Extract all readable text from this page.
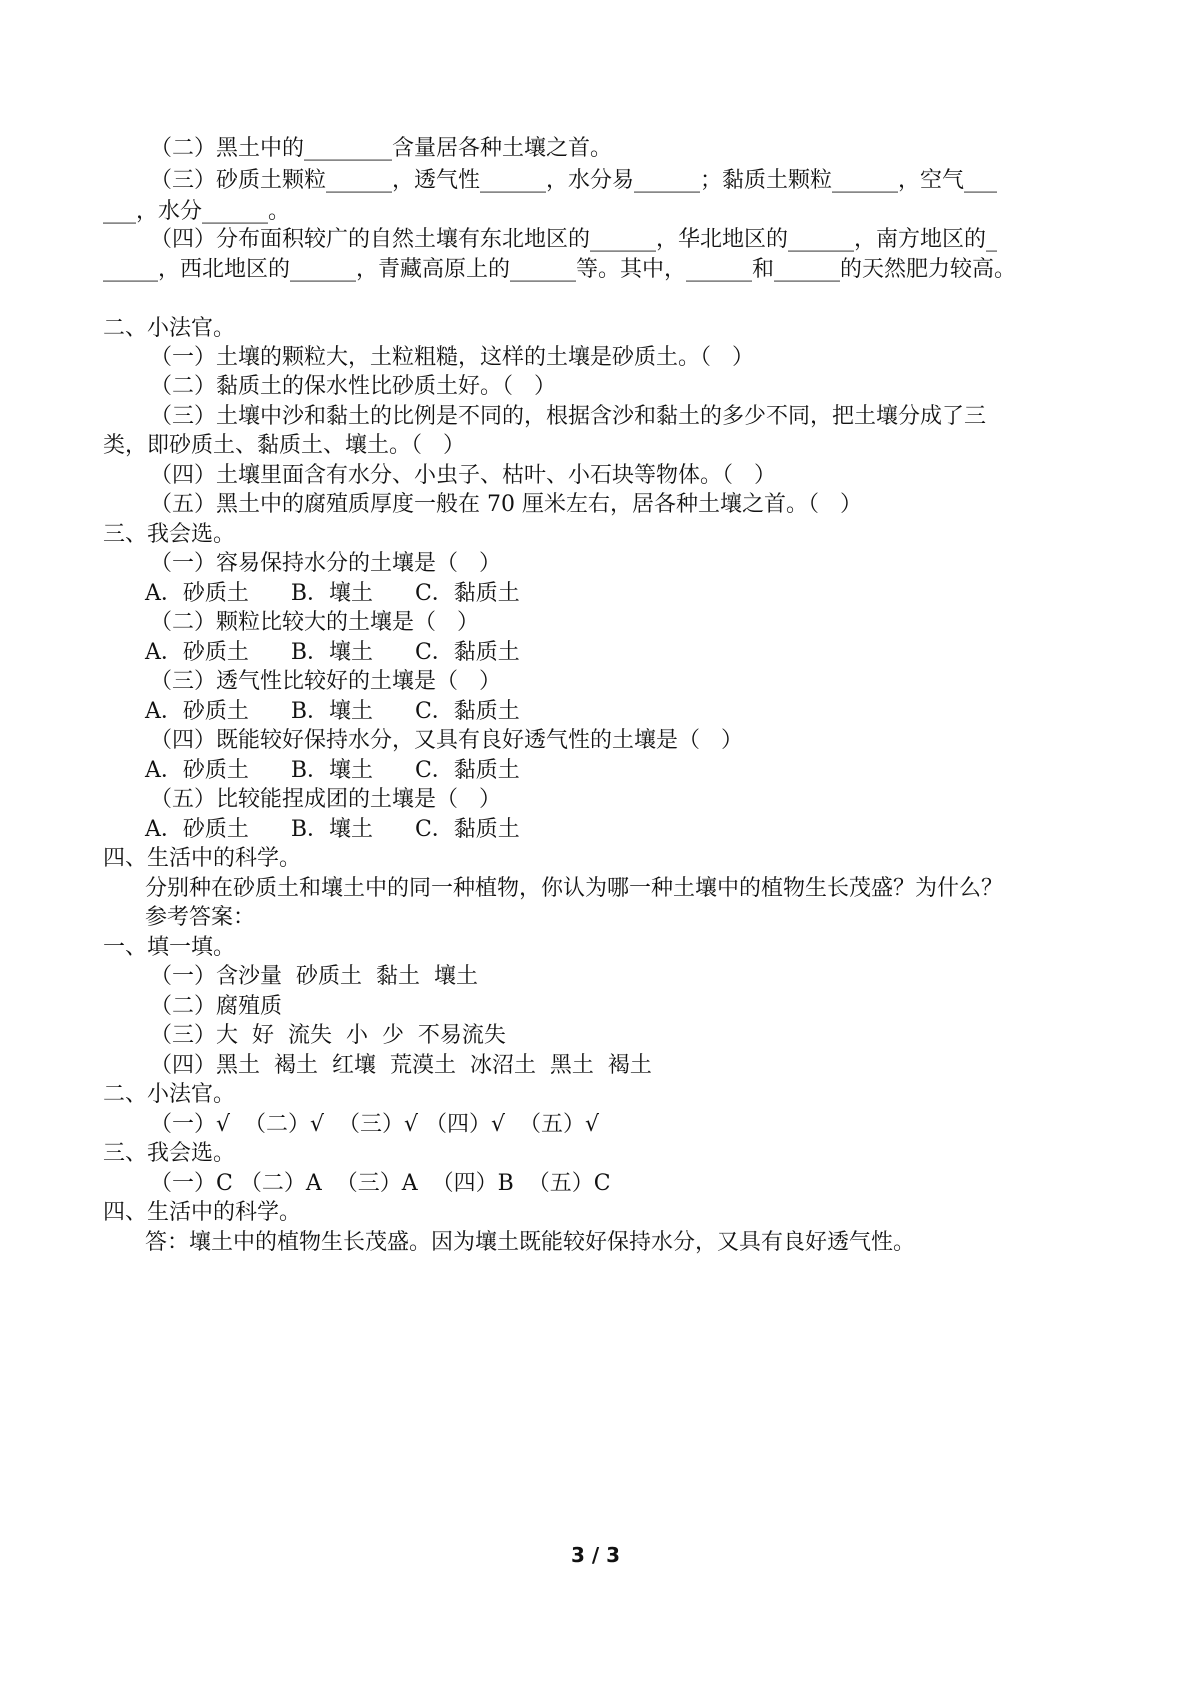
（二）黑土中的________含量居各种土壤之首。

（三）砂质土颗粒______，透气性______，水分易______；黏质土颗粒______，空气___

___，水分______。

（四）分布面积较广的自然土壤有东北地区的______，华北地区的______，南方地区的_

_____，西北地区的______，青藏高原上的______等。其中，______和______的天然肥力较高。

二、小法官。

（一）土壤的颗粒大，土粒粗糙，这样的土壤是砂质土。（   ）

（二）黏质土的保水性比砂质土好。（   ）

（三）土壤中沙和黏土的比例是不同的，根据含沙和黏土的多少不同，把土壤分成了三

类，即砂质土、黏质土、壤土。（   ）

（四）土壤里面含有水分、小虫子、枯叶、小石块等物体。（   ）

（五）黑土中的腐殖质厚度一般在 70 厘米左右，居各种土壤之首。（   ）

三、我会选。

（一）容易保持水分的土壤是（   ）

A．砂质土      B．壤土      C．黏质土

（二）颗粒比较大的土壤是（   ）

A．砂质土      B．壤土      C．黏质土

（三）透气性比较好的土壤是（   ）

A．砂质土      B．壤土      C．黏质土

（四）既能较好保持水分，又具有良好透气性的土壤是（   ）

A．砂质土      B．壤土      C．黏质土

（五）比较能捏成团的土壤是（   ）

A．砂质土      B．壤土      C．黏质土

四、生活中的科学。

分别种在砂质土和壤土中的同一种植物，你认为哪一种土壤中的植物生长茂盛？为什么？

参考答案：

一、填一填。

（一）含沙量  砂质土  黏土  壤土

（二）腐殖质

（三）大  好  流失  小  少  不易流失

（四）黑土  褐土  红壤  荒漠土  冰沼土  黑土  褐土

二、小法官。

（一）√  （二）√  （三）√ （四）√  （五）√

三、我会选。

（一）C （二）A  （三）A  （四）B  （五）C

四、生活中的科学。

答：壤土中的植物生长茂盛。因为壤土既能较好保持水分，又具有良好透气性。

3 / 3
